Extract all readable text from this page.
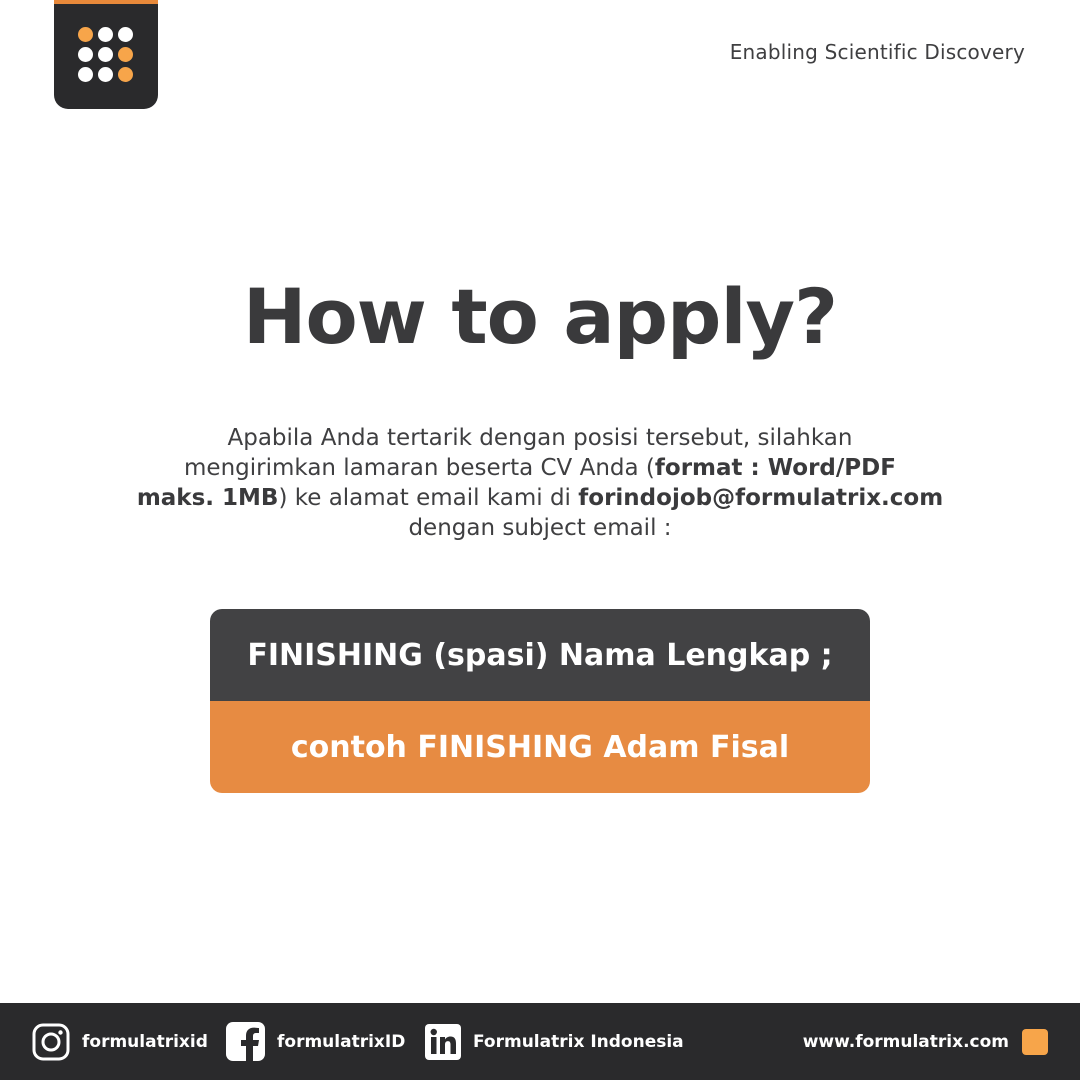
Enabling Scientific Discovery
How to apply?
Apabila Anda tertarik dengan posisi tersebut, silahkan
mengirimkan lamaran beserta CV Anda (format : Word/PDF
maks. 1MB) ke alamat email kami di forindojob@formulatrix.com
dengan subject email :
FINISHING (spasi) Nama Lengkap ;
contoh FINISHING Adam Fisal
formulatrixid	formulatrixID	Formulatrix Indonesia	www.formulatrix.com
